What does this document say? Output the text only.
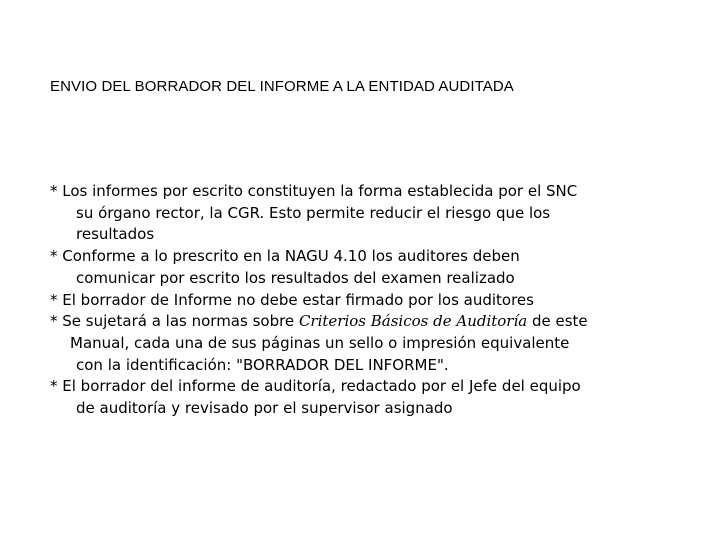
ENVIO DEL BORRADOR DEL INFORME A LA ENTIDAD AUDITADA
* Los informes por escrito constituyen la forma establecida por el SNC
su órgano rector, la CGR. Esto permite reducir el riesgo que los
resultados
* Conforme a lo prescrito en la NAGU 4.10 los auditores deben
comunicar por escrito los resultados del examen realizado
* El borrador de Informe no debe estar firmado por los auditores
* Se sujetará a las normas sobre Criterios Básicos de Auditoría de este
Manual, cada una de sus páginas un sello o impresión equivalente
con la identificación: "BORRADOR DEL INFORME".
* El borrador del informe de auditoría, redactado por el Jefe del equipo
de auditoría y revisado por el supervisor asignado
